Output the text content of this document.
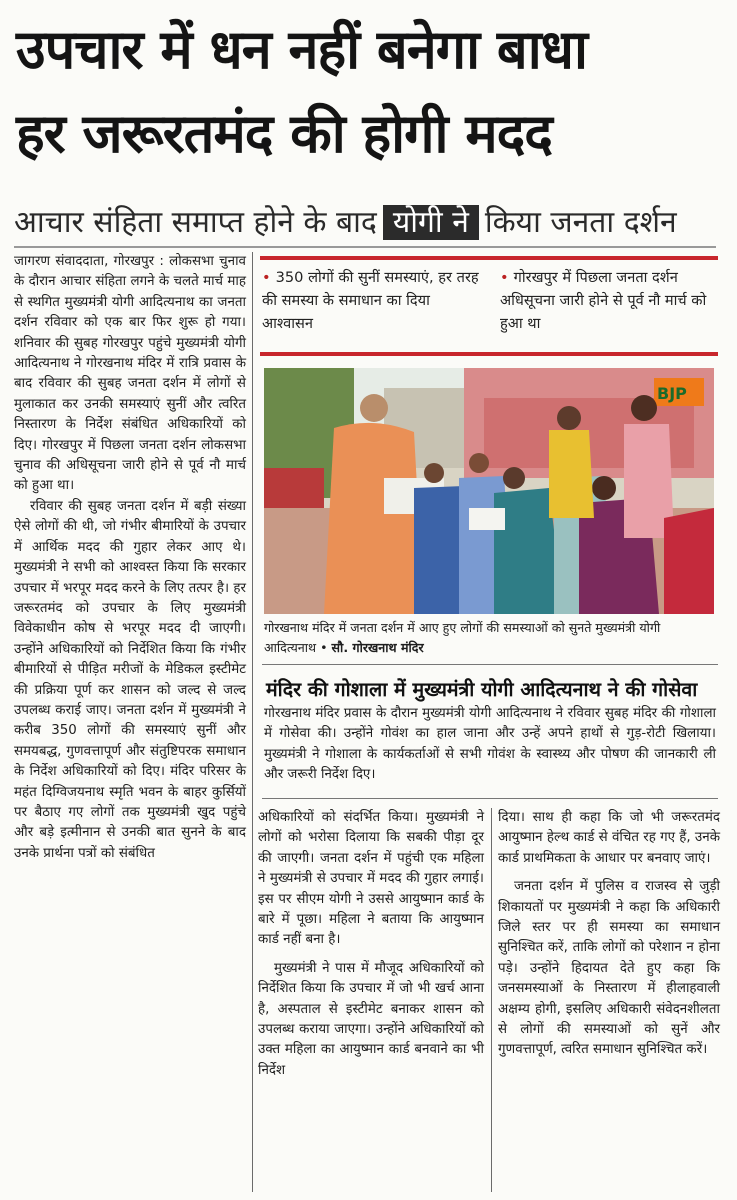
उपचार में धन नहीं बनेगा बाधा
हर जरूरतमंद की होगी मदद
आचार संहिता समाप्त होने के बाद योगी ने किया जनता दर्शन

जागरण संवाददाता, गोरखपुर : लोकसभा चुनाव के दौरान आचार संहिता लगने के चलते मार्च माह से स्थगित मुख्यमंत्री योगी आदित्यनाथ का जनता दर्शन रविवार को एक बार फिर शुरू हो गया। शनिवार की सुबह गोरखपुर पहुंचे मुख्यमंत्री योगी आदित्यनाथ ने गोरखनाथ मंदिर में रात्रि प्रवास के बाद रविवार की सुबह जनता दर्शन में लोगों से मुलाकात कर उनकी समस्याएं सुनीं और त्वरित निस्तारण के निर्देश संबंधित अधिकारियों को दिए। गोरखपुर में पिछला जनता दर्शन लोकसभा चुनाव की अधिसूचना जारी होने से पूर्व नौ मार्च को हुआ था।

रविवार की सुबह जनता दर्शन में बड़ी संख्या ऐसे लोगों की थी, जो गंभीर बीमारियों के उपचार में आर्थिक मदद की गुहार लेकर आए थे। मुख्यमंत्री ने सभी को आश्वस्त किया कि सरकार उपचार में भरपूर मदद करने के लिए तत्पर है। हर जरूरतमंद को उपचार के लिए मुख्यमंत्री विवेकाधीन कोष से भरपूर मदद दी जाएगी। उन्होंने अधिकारियों को निर्देशित किया कि गंभीर बीमारियों से पीड़ित मरीजों के मेडिकल इस्टीमेट की प्रक्रिया पूर्ण कर शासन को जल्द से जल्द उपलब्ध कराई जाए। जनता दर्शन में मुख्यमंत्री ने करीब 350 लोगों की समस्याएं सुनीं और समयबद्ध, गुणवत्तापूर्ण और संतुष्टिपरक समाधान के निर्देश अधिकारियों को दिए। मंदिर परिसर के महंत दिग्विजयनाथ स्मृति भवन के बाहर कुर्सियों पर बैठाए गए लोगों तक मुख्यमंत्री खुद पहुंचे और बड़े इत्मीनान से उनकी बात सुनने के बाद उनके प्रार्थना पत्रों को संबंधित

• 350 लोगों की सुनीं समस्याएं, हर तरह की समस्या के समाधान का दिया आश्वासन
• गोरखपुर में पिछला जनता दर्शन अधिसूचना जारी होने से पूर्व नौ मार्च को हुआ था
BJP
गोरखनाथ मंदिर में जनता दर्शन में आए हुए लोगों की समस्याओं को सुनते मुख्यमंत्री योगी आदित्यनाथ • सौ. गोरखनाथ मंदिर
मंदिर की गोशाला में मुख्यमंत्री योगी आदित्यनाथ ने की गोसेवा

गोरखनाथ मंदिर प्रवास के दौरान मुख्यमंत्री योगी आदित्यनाथ ने रविवार सुबह मंदिर की गोशाला में गोसेवा की। उन्होंने गोवंश का हाल जाना और उन्हें अपने हाथों से गुड़-रोटी खिलाया। मुख्यमंत्री ने गोशाला के कार्यकर्ताओं से सभी गोवंश के स्वास्थ्य और पोषण की जानकारी ली और जरूरी निर्देश दिए।

अधिकारियों को संदर्भित किया। मुख्यमंत्री ने लोगों को भरोसा दिलाया कि सबकी पीड़ा दूर की जाएगी। जनता दर्शन में पहुंची एक महिला ने मुख्यमंत्री से उपचार में मदद की गुहार लगाई। इस पर सीएम योगी ने उससे आयुष्मान कार्ड के बारे में पूछा। महिला ने बताया कि आयुष्मान कार्ड नहीं बना है।

मुख्यमंत्री ने पास में मौजूद अधिकारियों को निर्देशित किया कि उपचार में जो भी खर्च आना है, अस्पताल से इस्टीमेट बनाकर शासन को उपलब्ध कराया जाएगा। उन्होंने अधिकारियों को उक्त महिला का आयुष्मान कार्ड बनवाने का भी निर्देश

दिया। साथ ही कहा कि जो भी जरूरतमंद आयुष्मान हेल्थ कार्ड से वंचित रह गए हैं, उनके कार्ड प्राथमिकता के आधार पर बनवाए जाएं।

जनता दर्शन में पुलिस व राजस्व से जुड़ी शिकायतों पर मुख्यमंत्री ने कहा कि अधिकारी जिले स्तर पर ही समस्या का समाधान सुनिश्चित करें, ताकि लोगों को परेशान न होना पड़े। उन्होंने हिदायत देते हुए कहा कि जनसमस्याओं के निस्तारण में हीलाहवाली अक्षम्य होगी, इसलिए अधिकारी संवेदनशीलता से लोगों की समस्याओं को सुनें और गुणवत्तापूर्ण, त्वरित समाधान सुनिश्चित करें।
